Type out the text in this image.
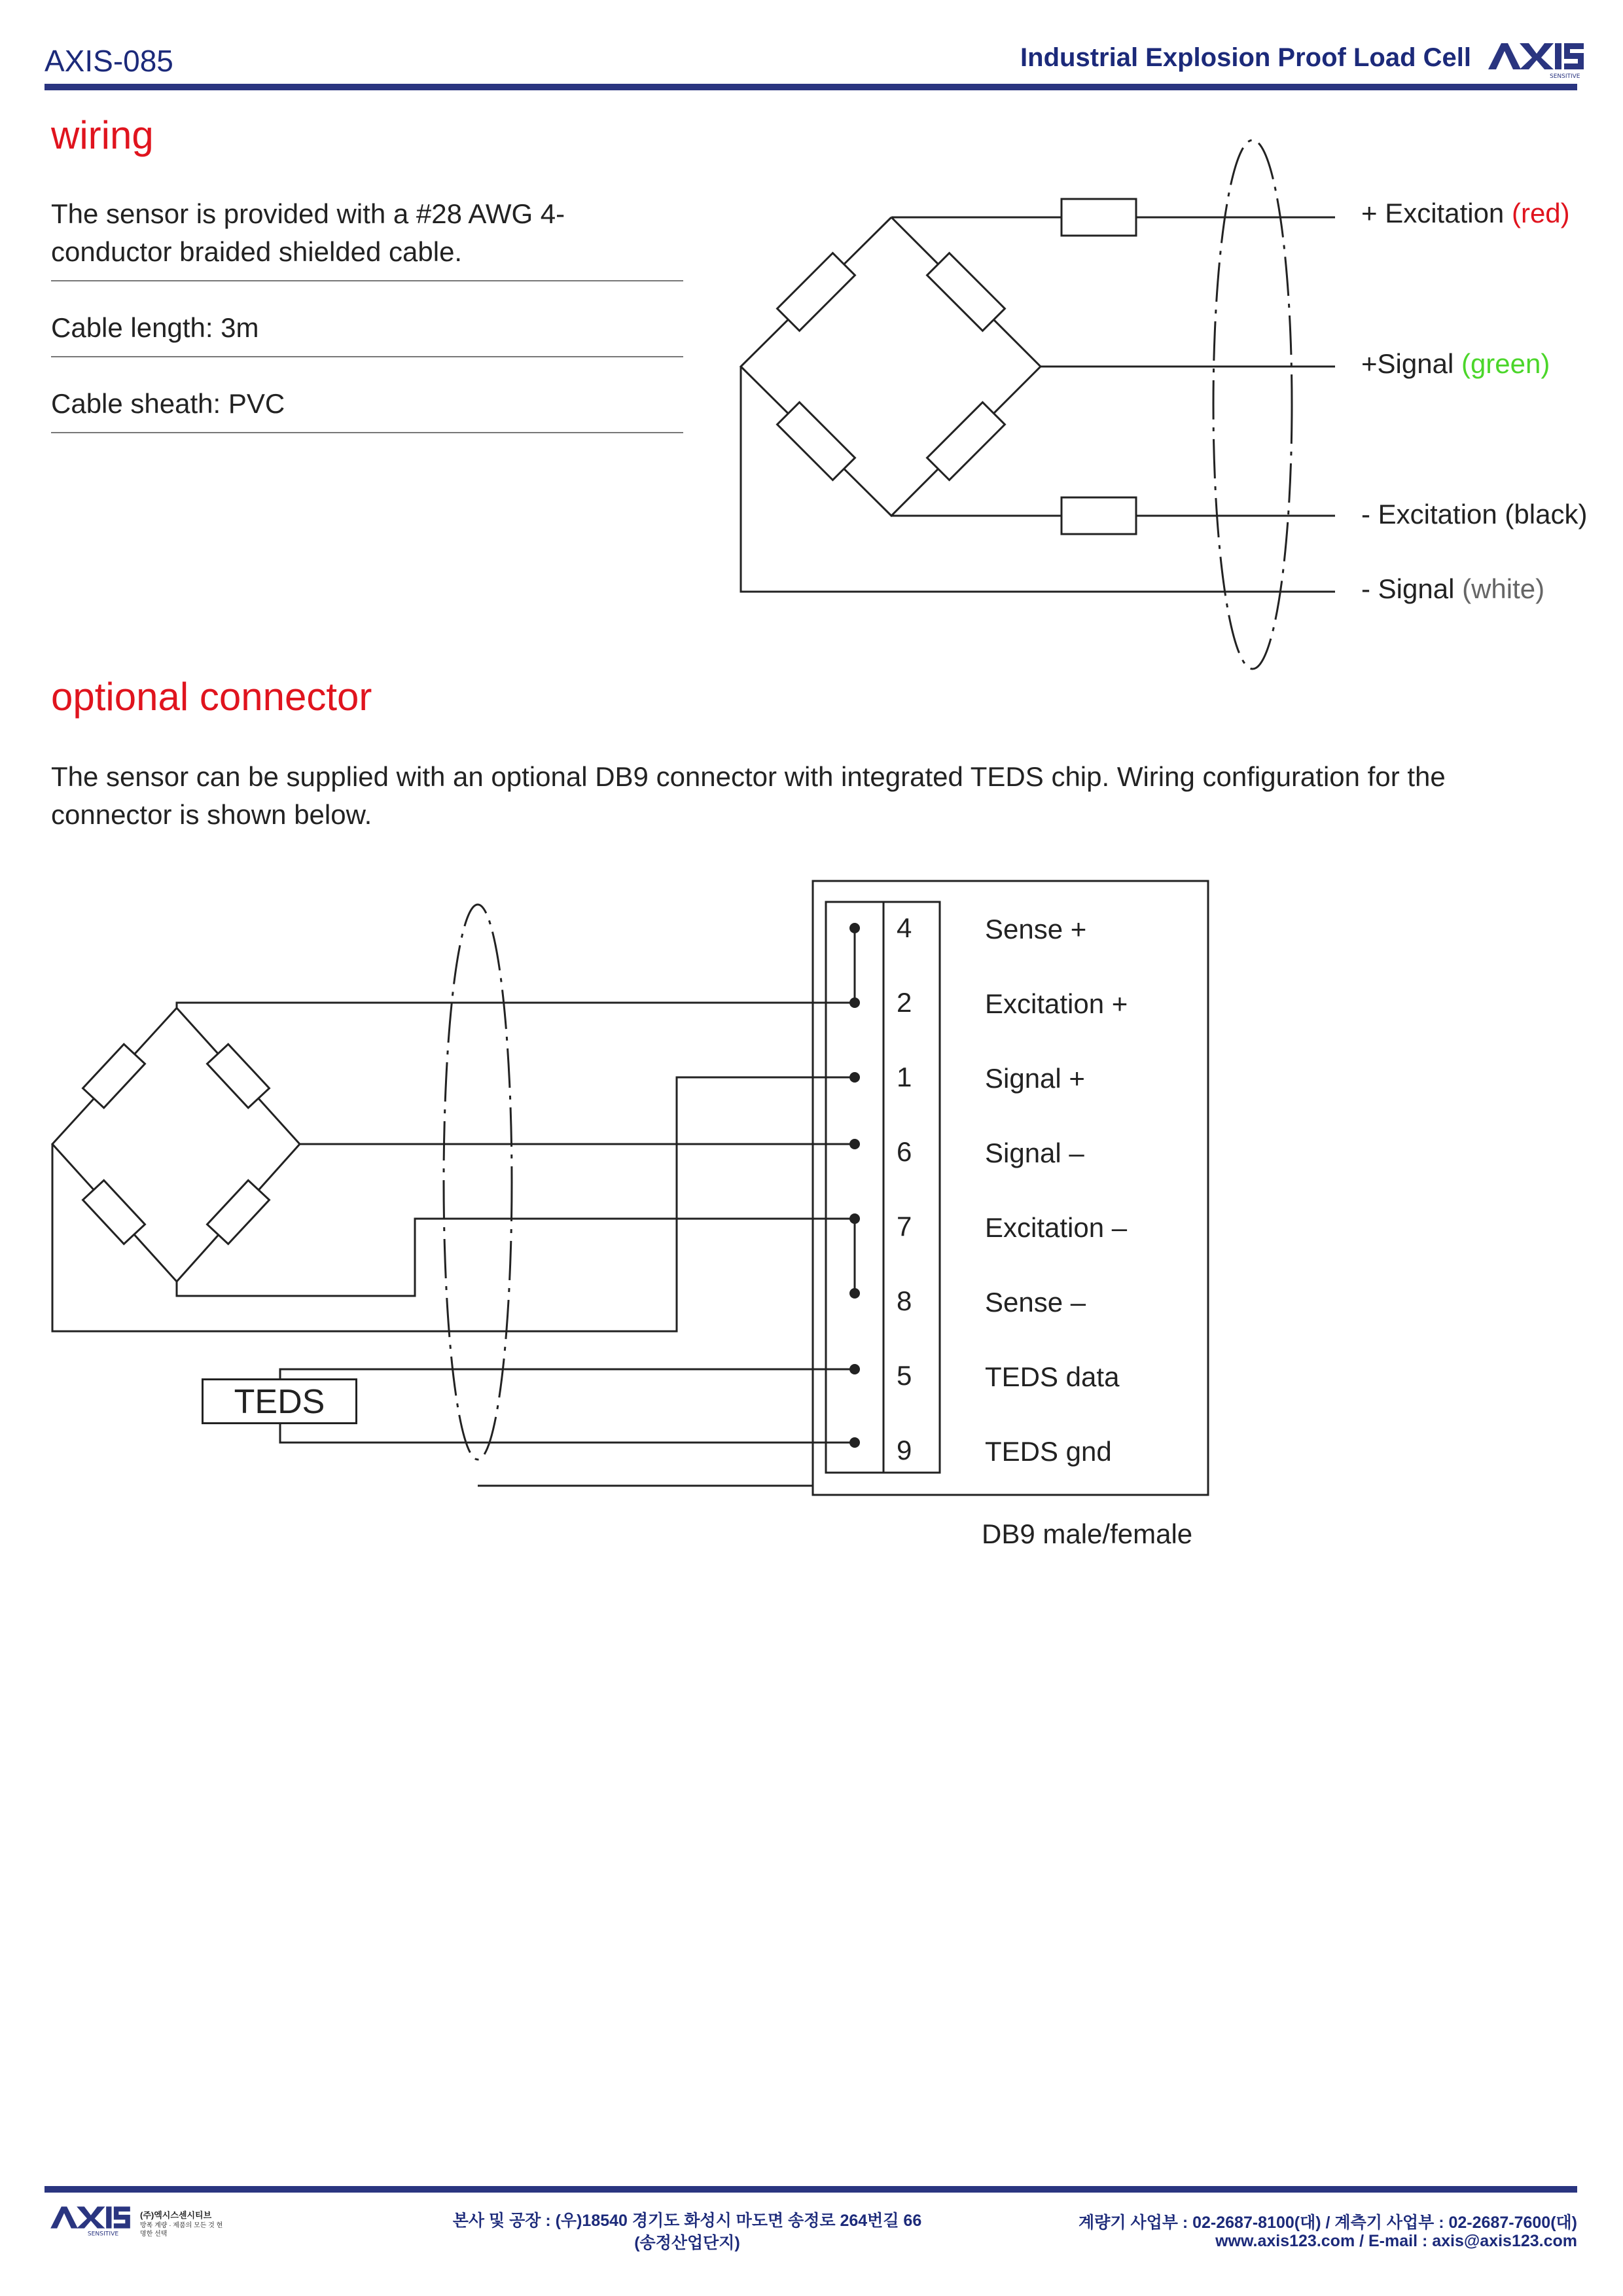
AXIS-085	Industrial Explosion Proof Load Cell
SENSITIVE
wiring
The sensor is provided with a #28 AWG 4-conductor braided shielded cable.
Cable length: 3m
Cable sheath: PVC
+ Excitation (red)
+Signal (green)
- Excitation (black)
- Signal (white)
optional connector
The sensor can be supplied with an optional DB9 connector with integrated TEDS chip. Wiring configuration for the connector is shown below.
4
2
1
6
7
8
5
9
Sense +
Excitation +
Signal +
Signal –
Excitation –
Sense –
TEDS data
TEDS gnd
TEDS
DB9 male/female
SENSITIVE
(주)엑시스센시티브
방폭 계량 · 제품의 모든 것 현명한 선택
본사 및 공장 : (우)18540 경기도 화성시 마도면 송정로 264번길 66
(송정산업단지)
계량기 사업부 : 02-2687-8100(대) / 계측기 사업부 : 02-2687-7600(대)
www.axis123.com / E-mail : axis@axis123.com
